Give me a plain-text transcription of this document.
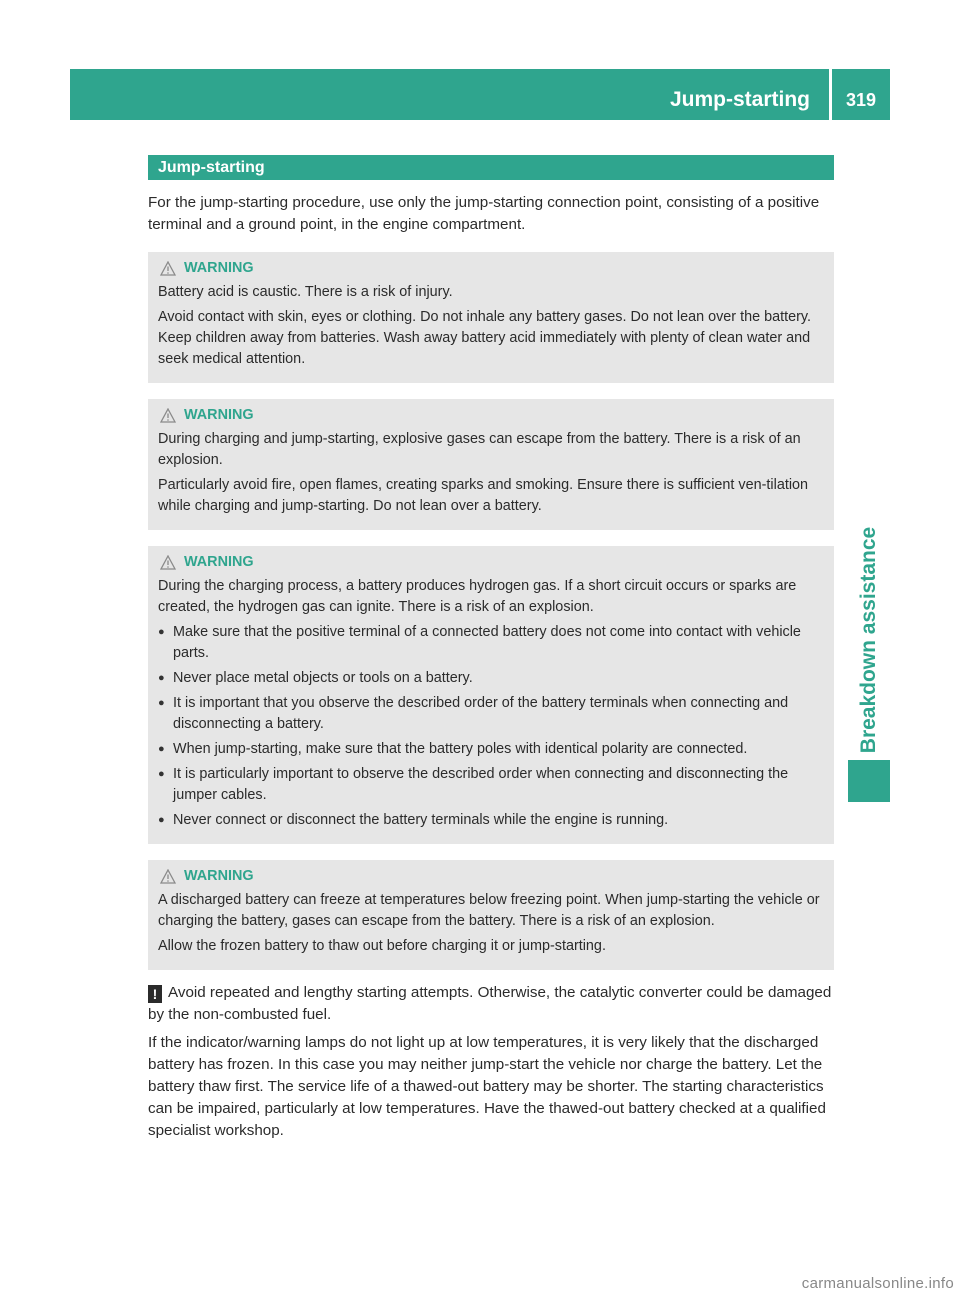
Jump-starting	319
Breakdown assistance
Jump-starting

For the jump-starting procedure, use only the jump-starting connection point, consisting of a positive terminal and a ground point, in the engine compartment.

WARNING

Battery acid is caustic. There is a risk of injury.

Avoid contact with skin, eyes or clothing. Do not inhale any battery gases. Do not lean over the battery. Keep children away from batteries. Wash away battery acid immediately with plenty of clean water and seek medical attention.

WARNING

During charging and jump-starting, explosive gases can escape from the battery. There is a risk of an explosion.

Particularly avoid fire, open flames, creating sparks and smoking. Ensure there is sufficient ven-tilation while charging and jump-starting. Do not lean over a battery.

WARNING

During the charging process, a battery produces hydrogen gas. If a short circuit occurs or sparks are created, the hydrogen gas can ignite. There is a risk of an explosion.

● Make sure that the positive terminal of a connected battery does not come into contact with vehicle parts.
● Never place metal objects or tools on a battery.
● It is important that you observe the described order of the battery terminals when connecting and disconnecting a battery.
● When jump-starting, make sure that the battery poles with identical polarity are connected.
● It is particularly important to observe the described order when connecting and disconnecting the jumper cables.
● Never connect or disconnect the battery terminals while the engine is running.
WARNING

A discharged battery can freeze at temperatures below freezing point. When jump-starting the vehicle or charging the battery, gases can escape from the battery. There is a risk of an explosion.

Allow the frozen battery to thaw out before charging it or jump-starting.

! Avoid repeated and lengthy starting attempts. Otherwise, the catalytic converter could be damaged by the non-combusted fuel.

If the indicator/warning lamps do not light up at low temperatures, it is very likely that the discharged battery has frozen. In this case you may neither jump-start the vehicle nor charge the battery. Let the battery thaw first. The service life of a thawed-out battery may be shorter. The starting characteristics can be impaired, particularly at low temperatures. Have the thawed-out battery checked at a qualified specialist workshop.

carmanualsonline.info
